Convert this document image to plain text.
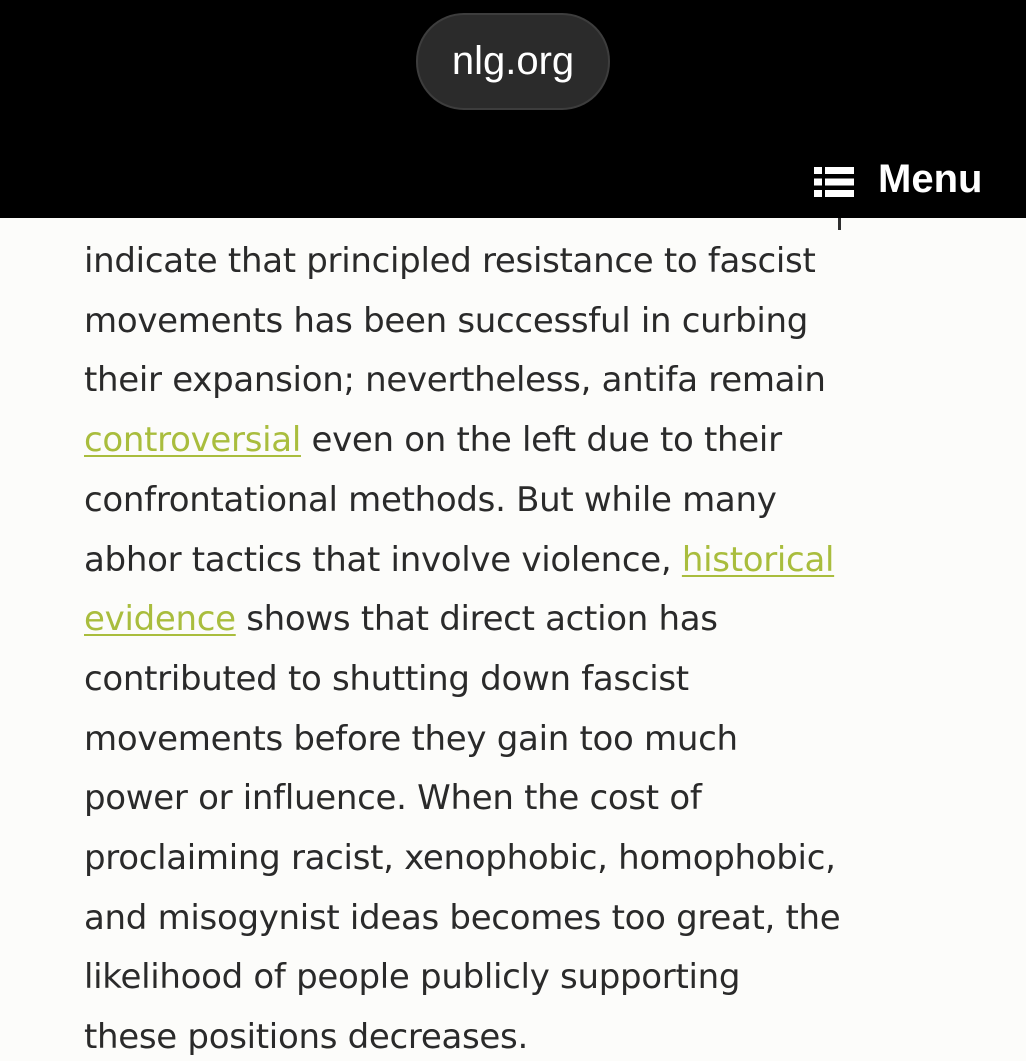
nlg.org
Menu
indicate that principled resistance to fascist
movements has been successful in curbing
their expansion; nevertheless, antifa remain
controversial even on the left due to their
confrontational methods. But while many
abhor tactics that involve violence, historical
evidence shows that direct action has
contributed to shutting down fascist
movements before they gain too much
power or influence. When the cost of
proclaiming racist, xenophobic, homophobic,
and misogynist ideas becomes too great, the
likelihood of people publicly supporting
these positions decreases.
